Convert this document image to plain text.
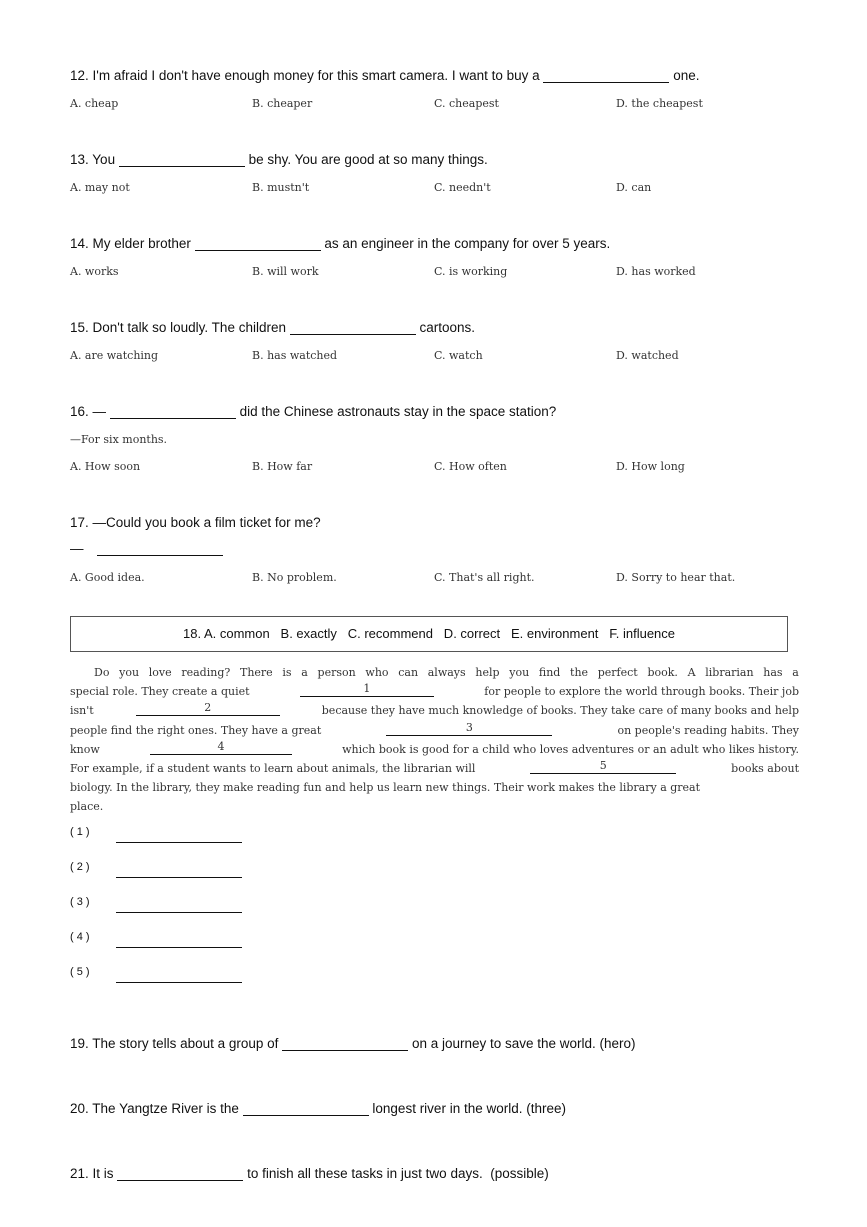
12. I'm afraid I don't have enough money for this smart camera. I want to buy a	one.
A. cheap	B. cheaper	C. cheapest	D. the cheapest
13. You	be shy. You are good at so many things.
A. may not	B. mustn't	C. needn't	D. can
14. My elder brother	as an engineer in the company for over 5 years.
A. works	B. will work	C. is working	D. has worked
15. Don't talk so loudly. The children	cartoons.
A. are watching	B. has watched	C. watch	D. watched
16. —	did the Chinese astronauts stay in the space station?
—For six months.
A. How soon	B. How far	C. How often	D. How long
17. —Could you book a film ticket for me?
—
A. Good idea.	B. No problem.	C. That's all right.	D. Sorry to hear that.
18. A. common   B. exactly   C. recommend   D. correct   E. environment   F. influence
Do you love reading? There is a person who can always help you find the perfect book. A librarian has a
special role. They create a quiet	1	for people to explore the world through books. Their job
isn't	2	because they have much knowledge of books. They take care of many books and help
people find the right ones. They have a great	3	on people's reading habits. They
know	4	which book is good for a child who loves adventures or an adult who likes history.
For example, if a student wants to learn about animals, the librarian will	5	books about
biology. In the library, they make reading fun and help us learn new things. Their work makes the library a great
place.
( 1 )
( 2 )
( 3 )
( 4 )
( 5 )
19. The story tells about a group of	on a journey to save the world. (hero)
20. The Yangtze River is the	longest river in the world. (three)
21. It is	to finish all these tasks in just two days.  (possible)
